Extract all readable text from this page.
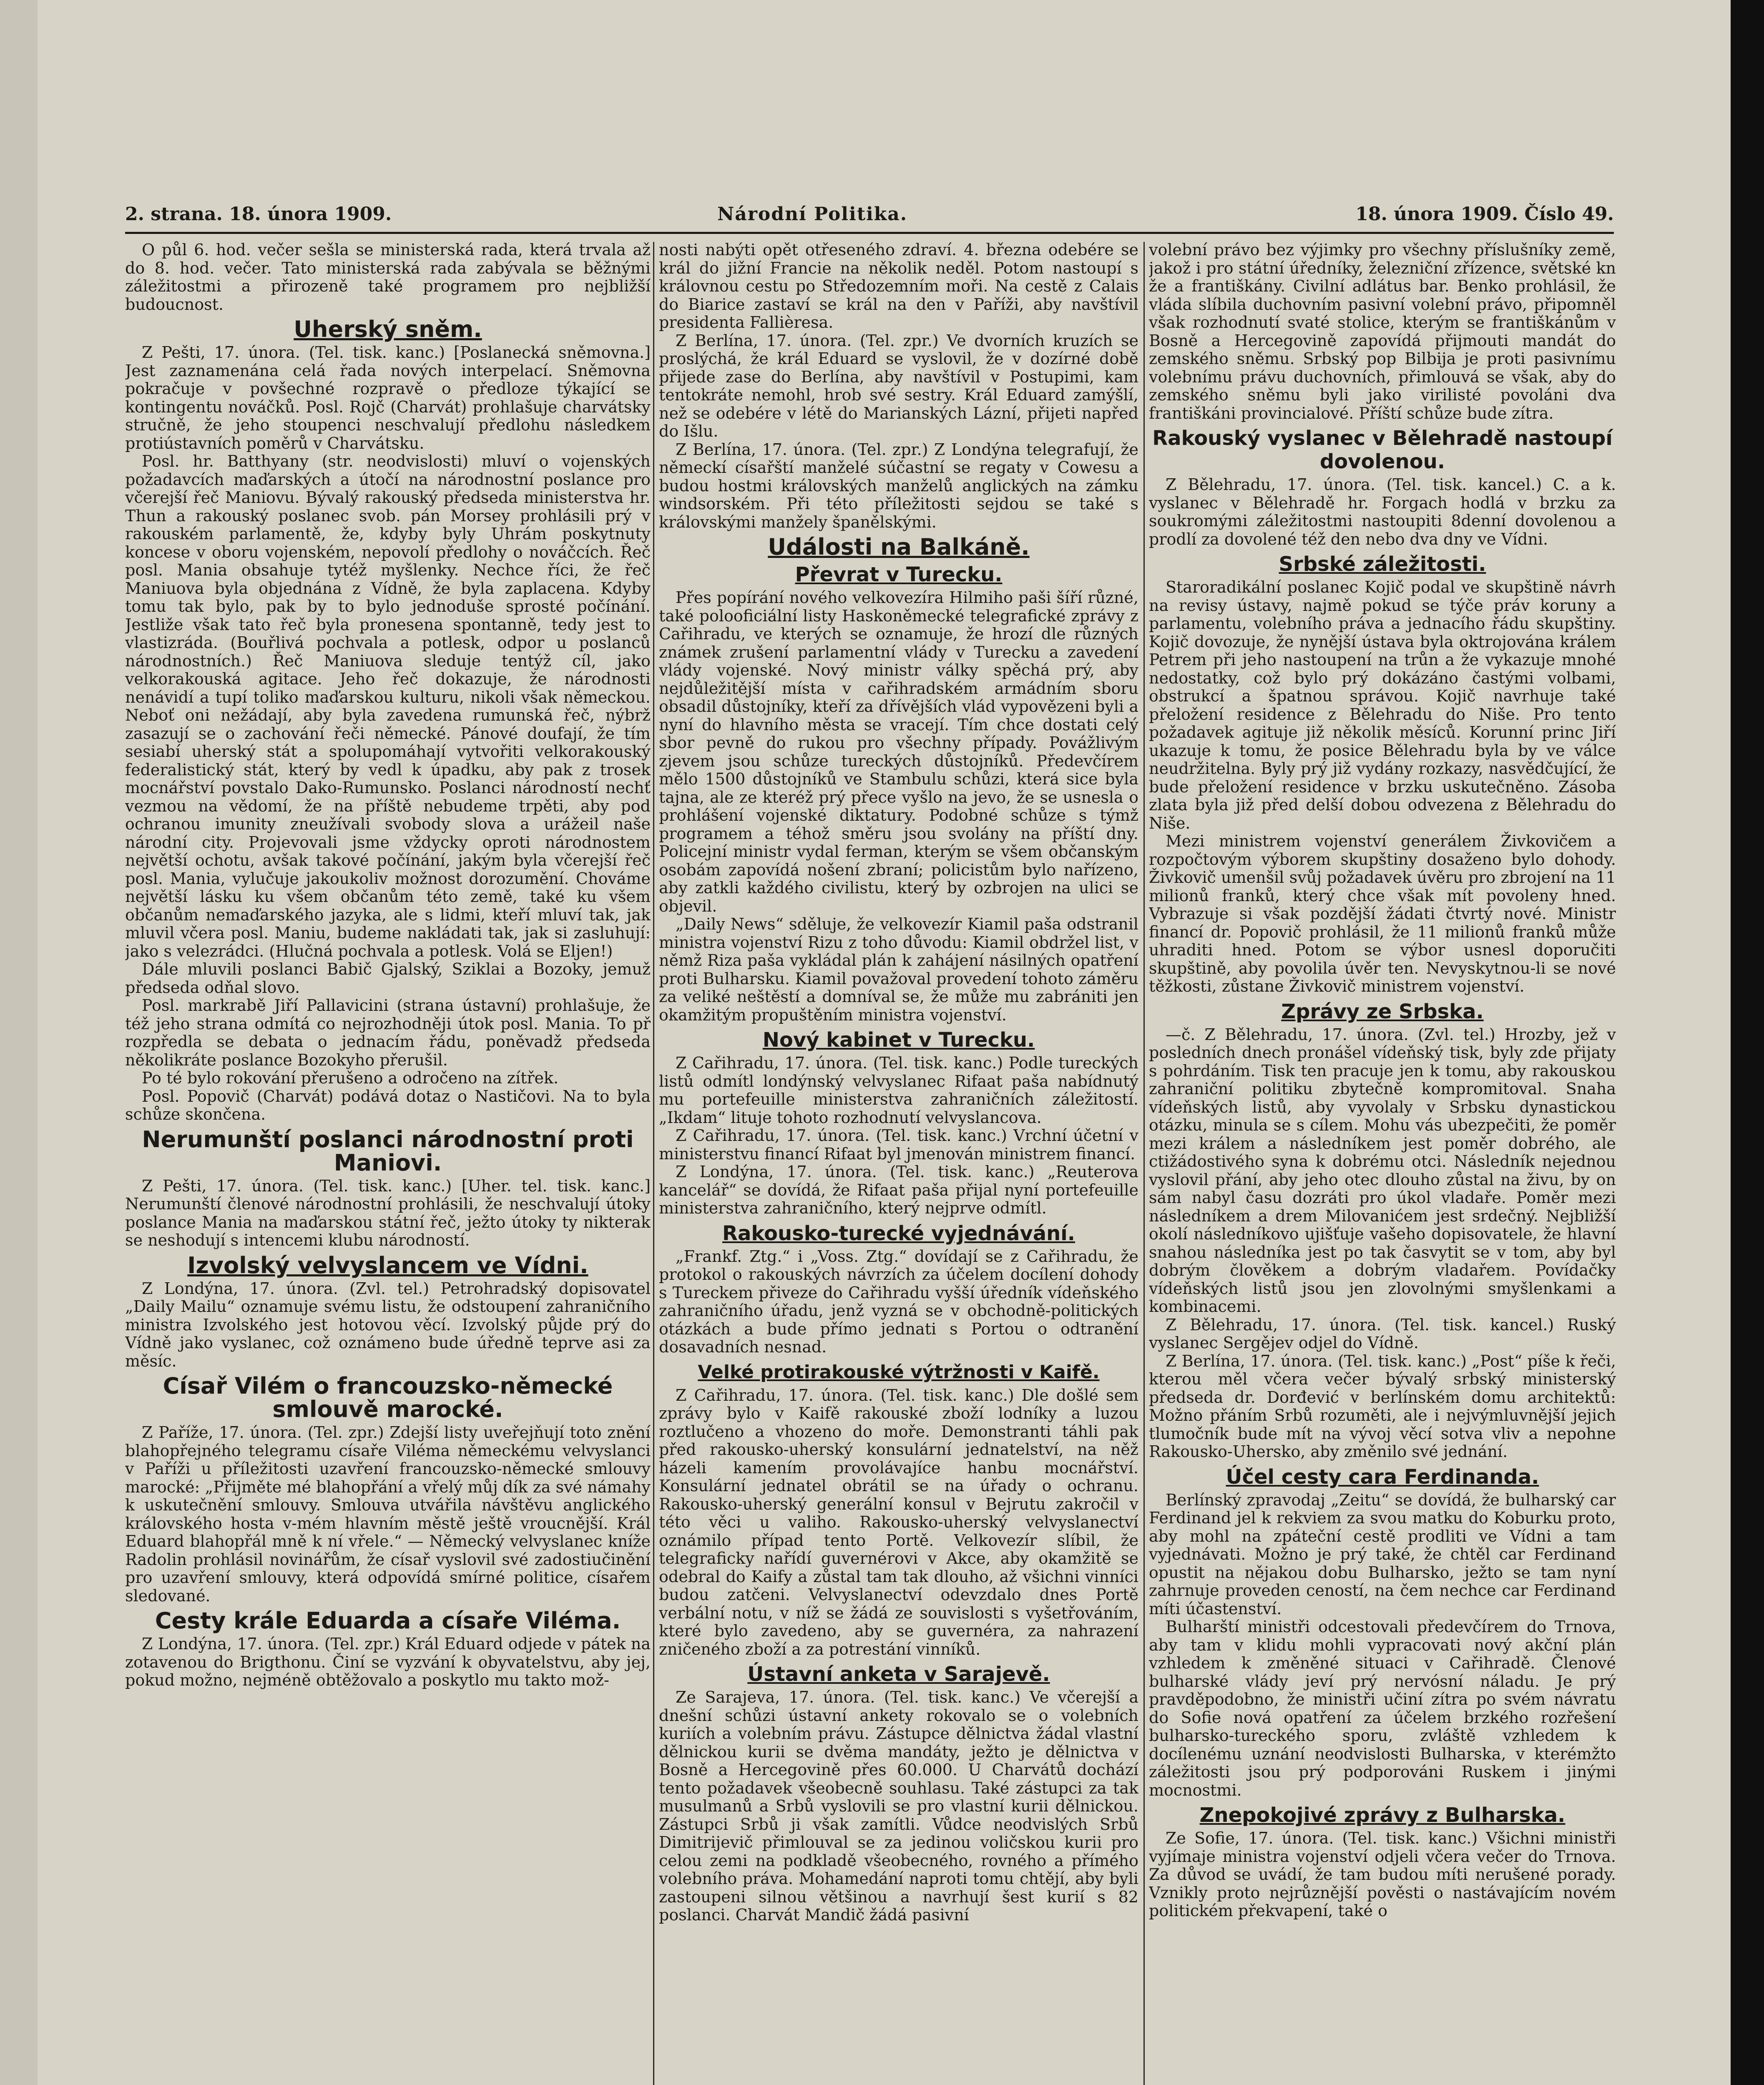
2. strana. 18. února 1909.	Národní Politika.	18. února 1909. Číslo 49.

O půl 6. hod. večer sešla se ministerská rada, která trvala až do 8. hod. večer. Tato ministerská rada zabývala se běžnými záležitostmi a přirozeně také programem pro nejbližší budoucnost.

Uherský sněm.

Z Pešti, 17. února. (Tel. tisk. kanc.) [Poslanecká sněmovna.] Jest zaznamenána celá řada nových interpelací. Sněmovna pokračuje v povšechné rozpravě o předloze týkající se kontingentu nováčků. Posl. Rojč (Charvát) prohlašuje charvátsky stručně, že jeho stoupenci neschvalují předlohu následkem protiústavních poměrů v Charvátsku.

Posl. hr. Batthyany (str. neodvislosti) mluví o vojenských požadavcích maďarských a útočí na národnostní poslance pro včerejší řeč Maniovu. Bývalý rakouský předseda ministerstva hr. Thun a rakouský poslanec svob. pán Morsey prohlásili prý v rakouském parlamentě, že, kdyby byly Uhrám poskytnuty koncese v oboru vojenském, nepovolí předlohy o nováčcích. Řeč posl. Mania obsahuje tytéž myšlenky. Nechce říci, že řeč Maniuova byla objednána z Vídně, že byla zaplacena. Kdyby tomu tak bylo, pak by to bylo jednoduše sprosté počínání. Jestliže však tato řeč byla pronesena spontanně, tedy jest to vlastizráda. (Bouřlivá pochvala a potlesk, odpor u poslanců národnostních.) Řeč Maniuova sleduje tentýž cíl, jako velkorakouská agitace. Jeho řeč dokazuje, že národnosti nenávidí a tupí toliko maďarskou kulturu, nikoli však německou. Neboť oni nežádají, aby byla zavedena rumunská řeč, nýbrž zasazují se o zachování řeči německé. Pánové doufají, že tím sesiabí uherský stát a spolupomáhají vytvořiti velkorakouský federalistický stát, který by vedl k úpadku, aby pak z trosek mocnářství povstalo Dako-Rumunsko. Poslanci národností nechť vezmou na vědomí, že na příště nebudeme trpěti, aby pod ochranou imunity zneužívali svobody slova a urážeil naše národní city. Projevovali jsme vždycky oproti národnostem největší ochotu, avšak takové počínání, jakým byla včerejší řeč posl. Mania, vylučuje jakoukoliv možnost dorozumění. Chováme největší lásku ku všem občanům této země, také ku všem občanům nemaďarského jazyka, ale s lidmi, kteří mluví tak, jak mluvil včera posl. Maniu, budeme nakládati tak, jak si zasluhují: jako s velezrádci. (Hlučná pochvala a potlesk. Volá se Eljen!)

Dále mluvili poslanci Babič Gjalský, Sziklai a Bozoky, jemuž předseda odňal slovo.

Posl. markrabě Jiří Pallavicini (strana ústavní) prohlašuje, že též jeho strana odmítá co nejrozhodněji útok posl. Mania. To př rozpředla se debata o jednacím řádu, poněvadž předseda několikráte poslance Bozokyho přerušil.

Po té bylo rokování přerušeno a odročeno na zítřek.

Posl. Popovič (Charvát) podává dotaz o Nastičovi. Na to byla schůze skončena.

Nerumunští poslanci národnostní proti Maniovi.

Z Pešti, 17. února. (Tel. tisk. kanc.) [Uher. tel. tisk. kanc.] Nerumunští členové národnostní prohlásili, že neschvalují útoky poslance Mania na maďarskou státní řeč, ježto útoky ty nikterak se neshodují s intencemi klubu národností.

Izvolský velvyslancem ve Vídni.

Z Londýna, 17. února. (Zvl. tel.) Petrohradský dopisovatel „Daily Mailu“ oznamuje svému listu, že odstoupení zahraničního ministra Izvolského jest hotovou věcí. Izvolský půjde prý do Vídně jako vyslanec, což oznámeno bude úředně teprve asi za měsíc.

Císař Vilém o francouzsko-německé smlouvě marocké.

Z Paříže, 17. února. (Tel. zpr.) Zdejší listy uveřejňují toto znění blahopřejného telegramu císaře Viléma německému velvyslanci v Paříži u příležitosti uzavření francouzsko-německé smlouvy marocké: „Přijměte mé blahopřání a vřelý můj dík za své námahy k uskutečnění smlouvy. Smlouva utvářila návštěvu anglického královského hosta v-mém hlavním městě ještě vroucnější. Král Eduard blahopřál mně k ní vřele.“ — Německý velvyslanec kníže Radolin prohlásil novinářům, že císař vyslovil své zadostiučinění pro uzavření smlouvy, která odpovídá smírné politice, císařem sledované.

Cesty krále Eduarda a císaře Viléma.

Z Londýna, 17. února. (Tel. zpr.) Král Eduard odjede v pátek na zotavenou do Brigthonu. Činí se vyzvání k obyvatelstvu, aby jej, pokud možno, nejméně obtěžovalo a poskytlo mu takto mož-

nosti nabýti opět otřeseného zdraví. 4. března odebére se král do jižní Francie na několik neděl. Potom nastoupí s královnou cestu po Středozemním moři. Na cestě z Calais do Biarice zastaví se král na den v Paříži, aby navštívil presidenta Fallièresa.

Z Berlína, 17. února. (Tel. zpr.) Ve dvorních kruzích se proslýchá, že král Eduard se vyslovil, že v dozírné době přijede zase do Berlína, aby navštívil v Postupimi, kam tentokráte nemohl, hrob své sestry. Král Eduard zamýšlí, než se odebére v létě do Marianských Lázní, přijeti napřed do Išlu.

Z Berlína, 17. února. (Tel. zpr.) Z Londýna telegrafují, že německí císařští manželé súčastní se regaty v Cowesu a budou hostmi královských manželů anglických na zámku windsorském. Při této příležitosti sejdou se také s královskými manžely španělskými.

Události na Balkáně.
Převrat v Turecku.

Přes popírání nového velkovezíra Hilmiho paši šíří různé, také polooficiální listy Haskoněmecké telegrafické zprávy z Cařihradu, ve kterých se oznamuje, že hrozí dle různých známek zrušení parlamentní vlády v Turecku a zavedení vlády vojenské. Nový ministr války spěchá prý, aby nejdůležitější místa v cařihradském armádním sboru obsadil důstojníky, kteří za dřívějších vlád vypovězeni byli a nyní do hlavního města se vracejí. Tím chce dostati celý sbor pevně do rukou pro všechny případy. Povážlivým zjevem jsou schůze tureckých důstojníků. Předevčírem mělo 1500 důstojníků ve Stambulu schůzi, která sice byla tajna, ale ze kteréž prý přece vyšlo na jevo, že se usnesla o prohlášení vojenské diktatury. Podobné schůze s týmž programem a téhož směru jsou svolány na příští dny. Policejní ministr vydal ferman, kterým se všem občanským osobám zapovídá nošení zbraní; policistům bylo nařízeno, aby zatkli každého civilistu, který by ozbrojen na ulici se objevil.

„Daily News“ sděluje, že velkovezír Kiamil paša odstranil ministra vojenství Rizu z toho důvodu: Kiamil obdržel list, v němž Riza paša vykládal plán k zahájení násilných opatření proti Bulharsku. Kiamil považoval provedení tohoto záměru za veliké neštěstí a domníval se, že může mu zabrániti jen okamžitým propuštěním ministra vojenství.

Nový kabinet v Turecku.

Z Cařihradu, 17. února. (Tel. tisk. kanc.) Podle tureckých listů odmítl londýnský velvyslanec Rifaat paša nabídnutý mu portefeuille ministerstva zahraničních záležitostí. „Ikdam“ lituje tohoto rozhodnutí velvyslancova.

Z Cařihradu, 17. února. (Tel. tisk. kanc.) Vrchní účetní v ministerstvu financí Rifaat byl jmenován ministrem financí.

Z Londýna, 17. února. (Tel. tisk. kanc.) „Reuterova kancelář“ se dovídá, že Rifaat paša přijal nyní portefeuille ministerstva zahraničního, který nejprve odmítl.

Rakousko-turecké vyjednávání.

„Frankf. Ztg.“ i „Voss. Ztg.“ dovídají se z Cařihradu, že protokol o rakouských návrzích za účelem docílení dohody s Tureckem přiveze do Cařihradu vyšší úředník vídeňského zahraničního úřadu, jenž vyzná se v obchodně-politických otázkách a bude přímo jednati s Portou o odtranění dosavadních nesnad.

Velké protirakouské výtržnosti v Kaifě.

Z Cařihradu, 17. února. (Tel. tisk. kanc.) Dle došlé sem zprávy bylo v Kaifě rakouské zboží lodníky a luzou roztlučeno a vhozeno do moře. Demonstranti táhli pak před rakousko-uherský konsulární jednatelství, na něž házeli kamením provolávajíce hanbu mocnářství. Konsulární jednatel obrátil se na úřady o ochranu. Rakousko-uherský generální konsul v Bejrutu zakročil v této věci u valiho. Rakousko-uherský velvyslanectví oznámilo případ tento Portě. Velkovezír slíbil, že telegraficky nařídí guvernérovi v Akce, aby okamžitě se odebral do Kaify a zůstal tam tak dlouho, až všichni vinníci budou zatčeni. Velvyslanectví odevzdalo dnes Portě verbální notu, v níž se žádá ze souvislosti s vyšetřováním, které bylo zavedeno, aby se guvernéra, za nahrazení zničeného zboží a za potrestání vinníků.

Ústavní anketa v Sarajevě.

Ze Sarajeva, 17. února. (Tel. tisk. kanc.) Ve včerejší a dnešní schůzi ústavní ankety rokovalo se o volebních kuriích a volebním právu. Zástupce dělnictva žádal vlastní dělnickou kurii se dvěma mandáty, ježto je dělnictva v Bosně a Hercegovině přes 60.000. U Charvátů dochází tento požadavek všeobecně souhlasu. Také zástupci za tak musulmanů a Srbů vyslovili se pro vlastní kurii dělnickou. Zástupci Srbů ji však zamítli. Vůdce neodvislých Srbů Dimitrijevič přimlouval se za jedinou voličskou kurii pro celou zemi na podkladě všeobecného, rovného a přímého volebního práva. Mohamedání naproti tomu chtějí, aby byli zastoupeni silnou většinou a navrhují šest kurií s 82 poslanci. Charvát Mandič žádá pasivní

volební právo bez výjimky pro všechny příslušníky země, jakož i pro státní úředníky, železniční zřízence, světské kn že a františkány. Civilní adlátus bar. Benko prohlásil, že vláda slíbila duchovním pasivní volební právo, připomněl však rozhodnutí svaté stolice, kterým se františkánům v Bosně a Hercegovině zapovídá přijmouti mandát do zemského sněmu. Srbský pop Bilbija je proti pasivnímu volebnímu právu duchovních, přimlouvá se však, aby do zemského sněmu byli jako virilisté povoláni dva františkáni provincialové. Příští schůze bude zítra.

Rakouský vyslanec v Bělehradě nastoupí dovolenou.

Z Bělehradu, 17. února. (Tel. tisk. kancel.) C. a k. vyslanec v Bělehradě hr. Forgach hodlá v brzku za soukromými záležitostmi nastoupiti 8denní dovolenou a prodlí za dovolené též den nebo dva dny ve Vídni.

Srbské záležitosti.

Staroradikální poslanec Kojič podal ve skupštině návrh na revisy ústavy, najmě pokud se týče práv koruny a parlamentu, volebního práva a jednacího řádu skupštiny. Kojič dovozuje, že nynější ústava byla oktrojována králem Petrem při jeho nastoupení na trůn a že vykazuje mnohé nedostatky, což bylo prý dokázáno častými volbami, obstrukcí a špatnou správou. Kojič navrhuje také přeložení residence z Bělehradu do Niše. Pro tento požadavek agituje již několik měsíců. Korunní princ Jiří ukazuje k tomu, že posice Bělehradu byla by ve válce neudržitelna. Byly prý již vydány rozkazy, nasvědčující, že bude přeložení residence v brzku uskutečněno. Zásoba zlata byla již před delší dobou odvezena z Bělehradu do Niše.

Mezi ministrem vojenství generálem Živkovičem a rozpočtovým výborem skupštiny dosaženo bylo dohody. Živkovič umenšil svůj požadavek úvěru pro zbrojení na 11 milionů franků, který chce však mít povoleny hned. Vybrazuje si však pozdější žádati čtvrtý nové. Ministr financí dr. Popovič prohlásil, že 11 milionů franků může uhraditi hned. Potom se výbor usnesl doporučiti skupštině, aby povolila úvěr ten. Nevyskytnou-li se nové těžkosti, zůstane Živkovič ministrem vojenství.

Zprávy ze Srbska.

—č. Z Bělehradu, 17. února. (Zvl. tel.) Hrozby, jež v posledních dnech pronášel vídeňský tisk, byly zde přijaty s pohrdáním. Tisk ten pracuje jen k tomu, aby rakouskou zahraniční politiku zbytečně kompromitoval. Snaha vídeňských listů, aby vyvolaly v Srbsku dynastickou otázku, minula se s cílem. Mohu vás ubezpečiti, že poměr mezi králem a následníkem jest poměr dobrého, ale ctižádostivého syna k dobrému otci. Následník nejednou vyslovil přání, aby jeho otec dlouho zůstal na živu, by on sám nabyl času dozráti pro úkol vladaře. Poměr mezi následníkem a drem Milovanićem jest srdečný. Nejbližší okolí následníkovo ujišťuje vašeho dopisovatele, že hlavní snahou následníka jest po tak časvytit se v tom, aby byl dobrým člověkem a dobrým vladařem. Povídačky vídeňských listů jsou jen zlovolnými smyšlenkami a kombinacemi.

Z Bělehradu, 17. února. (Tel. tisk. kancel.) Ruský vyslanec Sergějev odjel do Vídně.

Z Berlína, 17. února. (Tel. tisk. kanc.) „Post“ píše k řeči, kterou měl včera večer bývalý srbský ministerský předseda dr. Dorđević v berlínském domu architektů: Možno přáním Srbů rozuměti, ale i nejvýmluvnější jejich tlumočník bude mít na vývoj věcí sotva vliv a nepohne Rakousko-Uhersko, aby změnilo své jednání.

Účel cesty cara Ferdinanda.

Berlínský zpravodaj „Zeitu“ se dovídá, že bulharský car Ferdinand jel k rekviem za svou matku do Koburku proto, aby mohl na zpáteční cestě prodliti ve Vídni a tam vyjednávati. Možno je prý také, že chtěl car Ferdinand opustit na nějakou dobu Bulharsko, ježto se tam nyní zahrnuje proveden ceností, na čem nechce car Ferdinand míti účastenství.

Bulharští ministři odcestovali předevčírem do Trnova, aby tam v klidu mohli vypracovati nový akční plán vzhledem k změněné situaci v Cařihradě. Členové bulharské vlády jeví prý nervósní náladu. Je prý pravděpodobno, že ministři učiní zítra po svém návratu do Sofie nová opatření za účelem brzkého rozřešení bulharsko-tureckého sporu, zvláště vzhledem k docílenému uznání neodvislosti Bulharska, v kterémžto záležitosti jsou prý podporováni Ruskem i jinými mocnostmi.

Znepokojivé zprávy z Bulharska.

Ze Sofie, 17. února. (Tel. tisk. kanc.) Všichni ministři vyjímaje ministra vojenství odjeli včera večer do Trnova. Za důvod se uvádí, že tam budou míti nerušené porady. Vznikly proto nejrůznější pověsti o nastávajícím novém politickém překvapení, také o
